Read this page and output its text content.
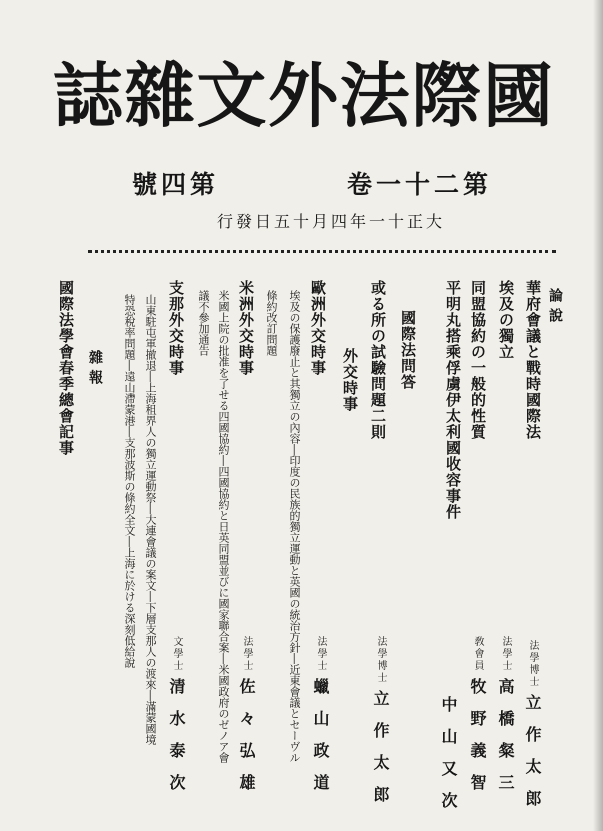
誌 雜 文 外 法 際 國
卷一十二第
號四第
行發日五十月四年一十正大
論說
華府會議と戰時國際法
埃及の獨立
同盟協約の一般的性質
平明丸搭乘俘虜伊太利國收容事件
國際法問答
或る所の試驗問題二則
外交時事
歐洲外交時事
埃及の保護廢止と其獨立の內容―印度の民族的獨立運動と英國の統治方針―近東會議とセーヴル
條約改訂問題
米洲外交時事
米國上院の批准を了せる四國協約―四國協約と日英同盟並びに國家聯合案―米國政府のゼノア會
議不參加通告
支那外交時事
山東駐屯軍撤退―上海租界人の獨立運動祭―大連會議の案文―下層支那人の渡來―滿蒙國境
特恐稅率問題―遠山滯蒙港―支那波斯の條約全文―上海に於ける深刻低給說
雜報
國際法學會春季總會記事
法學博士立作太郎
法學士高橋粲三
敎會員牧野義智
中山又次
法學博士立作太郎
法學士蠟山政道
法學士佐々弘雄
文學士清水泰次
